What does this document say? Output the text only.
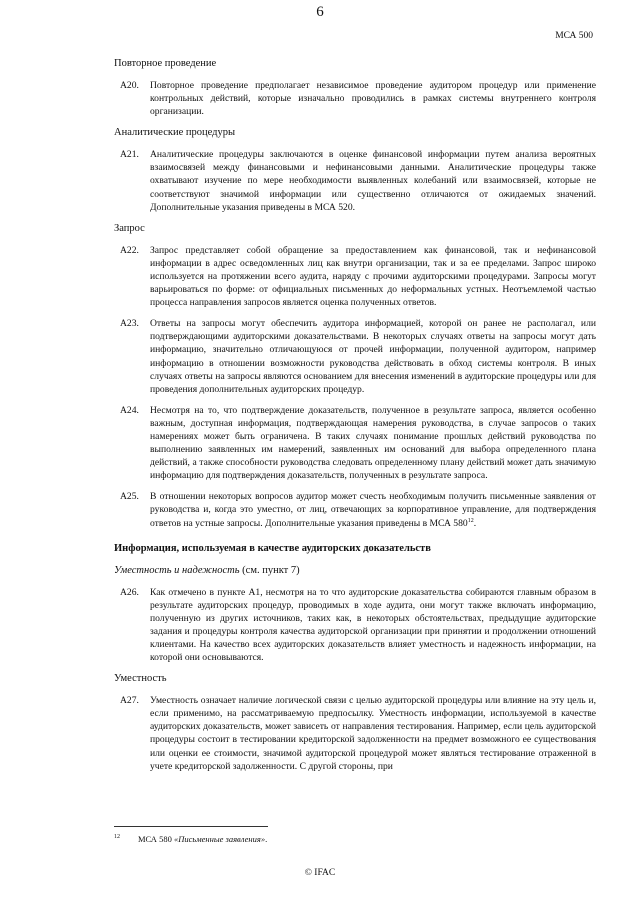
6
МСА 500
Повторное проведение
A20. Повторное проведение предполагает независимое проведение аудитором процедур или применение контрольных действий, которые изначально проводились в рамках системы внутреннего контроля организации.
Аналитические процедуры
A21. Аналитические процедуры заключаются в оценке финансовой информации путем анализа вероятных взаимосвязей между финансовыми и нефинансовыми данными. Аналитические процедуры также охватывают изучение по мере необходимости выявленных колебаний или взаимосвязей, которые не соответствуют значимой информации или существенно отличаются от ожидаемых значений. Дополнительные указания приведены в МСА 520.
Запрос
A22. Запрос представляет собой обращение за предоставлением как финансовой, так и нефинансовой информации в адрес осведомленных лиц как внутри организации, так и за ее пределами. Запрос широко используется на протяжении всего аудита, наряду с прочими аудиторскими процедурами. Запросы могут варьироваться по форме: от официальных письменных до неформальных устных. Неотъемлемой частью процесса направления запросов является оценка полученных ответов.
A23. Ответы на запросы могут обеспечить аудитора информацией, которой он ранее не располагал, или подтверждающими аудиторскими доказательствами. В некоторых случаях ответы на запросы могут дать информацию, значительно отличающуюся от прочей информации, полученной аудитором, например информацию в отношении возможности руководства действовать в обход системы контроля. В иных случаях ответы на запросы являются основанием для внесения изменений в аудиторские процедуры или для проведения дополнительных аудиторских процедур.
A24. Несмотря на то, что подтверждение доказательств, полученное в результате запроса, является особенно важным, доступная информация, подтверждающая намерения руководства, в случае запросов о таких намерениях может быть ограничена. В таких случаях понимание прошлых действий руководства по выполнению заявленных им намерений, заявленных им оснований для выбора определенного плана действий, а также способности руководства следовать определенному плану действий может дать значимую информацию для подтверждения доказательств, полученных в результате запроса.
A25. В отношении некоторых вопросов аудитор может счесть необходимым получить письменные заявления от руководства и, когда это уместно, от лиц, отвечающих за корпоративное управление, для подтверждения ответов на устные запросы. Дополнительные указания приведены в МСА $580^{12}$.
Информация, используемая в качестве аудиторских доказательств
Уместность и надежность (см. пункт 7)
A26. Как отмечено в пункте A1, несмотря на то что аудиторские доказательства собираются главным образом в результате аудиторских процедур, проводимых в ходе аудита, они могут также включать информацию, полученную из других источников, таких как, в некоторых обстоятельствах, предыдущие аудиторские задания и процедуры контроля качества аудиторской организации при принятии и продолжении отношений клиентами. На качество всех аудиторских доказательств влияет уместность и надежность информации, на которой они основываются.
Уместность
A27. Уместность означает наличие логической связи с целью аудиторской процедуры или влияние на эту цель и, если применимо, на рассматриваемую предпосылку. Уместность информации, используемой в качестве аудиторских доказательств, может зависеть от направления тестирования. Например, если цель аудиторской процедуры состоит в тестировании кредиторской задолженности на предмет возможного ее существования или оценки ее стоимости, значимой аудиторской процедурой может являться тестирование отраженной в учете кредиторской задолженности. С другой стороны, при
$^{12}$ МСА 580 «Письменные заявления».
© IFAC
